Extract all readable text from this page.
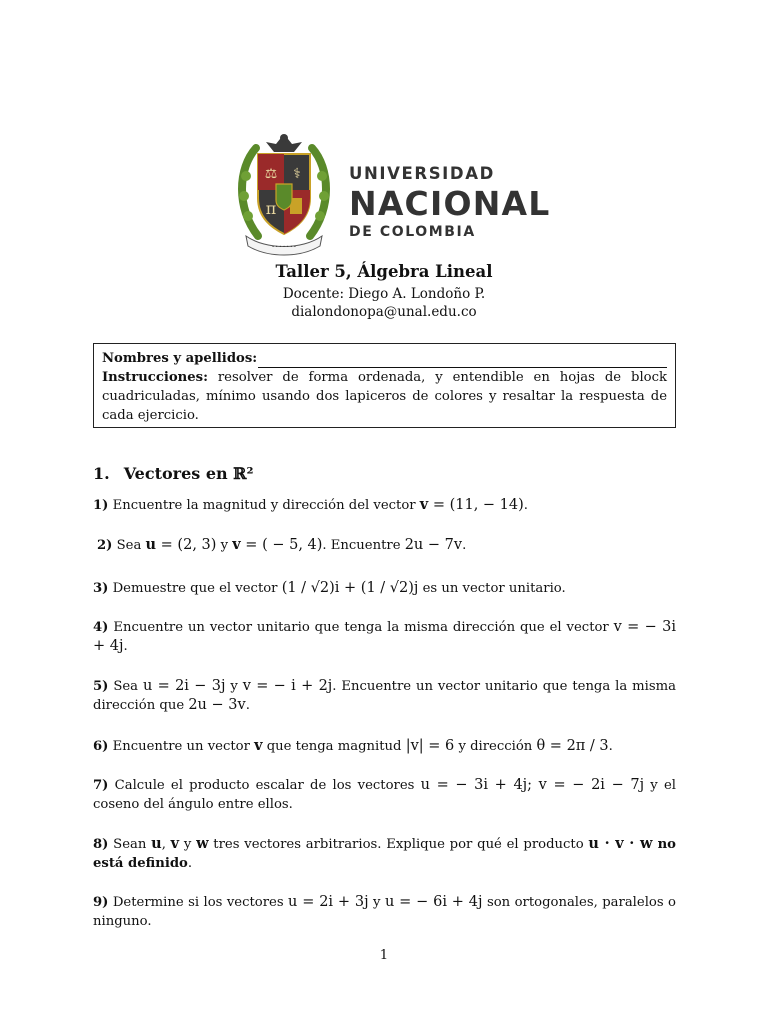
⚖ ⚕
π
• • • • • • •
UNIVERSIDAD
NACIONAL
DE COLOMBIA
Taller 5, Álgebra Lineal
Docente: Diego A. Londoño P.
dialondonopa@unal.edu.co
Nombres y apellidos:
Instrucciones: resolver de forma ordenada, y entendible en hojas de block cuadriculadas, mínimo usando dos lapiceros de colores y resaltar la respuesta de cada ejercicio.
1. Vectores en ℝ²
1) Encuentre la magnitud y dirección del vector v = (11, − 14).
2) Sea u = (2, 3) y v = ( − 5, 4). Encuentre 2u − 7v.
3) Demuestre que el vector (1 / √2)i + (1 / √2)j es un vector unitario.
4) Encuentre un vector unitario que tenga la misma dirección que el vector v = − 3i + 4j.
5) Sea u = 2i − 3j y v = − i + 2j. Encuentre un vector unitario que tenga la misma dirección que 2u − 3v.
6) Encuentre un vector v que tenga magnitud |v| = 6 y dirección θ = 2π / 3.
7) Calcule el producto escalar de los vectores u = − 3i + 4j; v = − 2i − 7j y el coseno del ángulo entre ellos.
8) Sean u, v y w tres vectores arbitrarios. Explique por qué el producto u · v · w no está definido.
9) Determine si los vectores u = 2i + 3j y u = − 6i + 4j son ortogonales, paralelos o ninguno.
1
